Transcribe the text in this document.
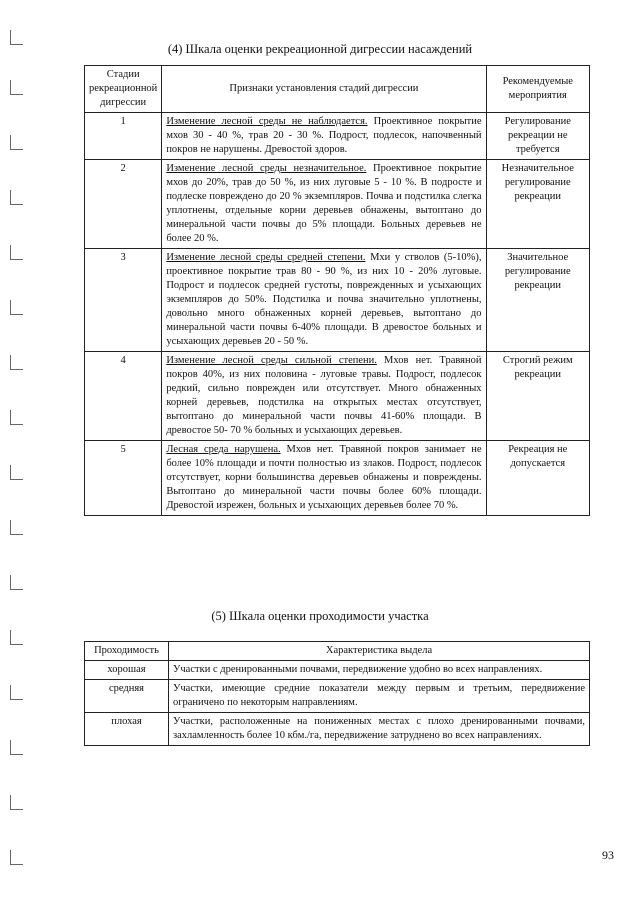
(4) Шкала оценки рекреационной дигрессии насаждений
Стадии рекреационной дигрессии	Признаки установления стадий дигрессии	Рекомендуемые мероприятия
1	Изменение лесной среды не наблюдается. Проективное покрытие мхов 30 - 40 %, трав 20 - 30 %. Подрост, подлесок, напочвенный покров не нарушены. Древостой здоров.	Регулирование рекреации не требуется
2	Изменение лесной среды незначительное. Проективное покрытие мхов до 20%, трав до 50 %, из них луговые 5 - 10 %. В подросте и подлеске повреждено до 20 % экземпляров. Почва и подстилка слегка уплотнены, отдельные корни деревьев обнажены, вытоптано до минеральной части почвы до 5% площади. Больных деревьев не более 20 %.	Незначительное регулирование рекреации
3	Изменение лесной среды средней степени. Мхи у стволов (5-10%), проективное покрытие трав 80 - 90 %, из них 10 - 20% луговые. Подрост и подлесок средней густоты, поврежденных и усыхающих экземпляров до 50%. Подстилка и почва значительно уплотнены, довольно много обнаженных корней деревьев, вытоптано до минеральной части почвы 6-40% площади. В древостое больных и усыхающих деревьев 20 - 50 %.	Значительное регулирование рекреации
4	Изменение лесной среды сильной степени. Мхов нет. Травяной покров 40%, из них половина - луговые травы. Подрост, подлесок редкий, сильно поврежден или отсутствует. Много обнаженных корней деревьев, подстилка на открытых местах отсутствует, вытоптано до минеральной части почвы 41-60% площади. В древостое 50- 70 % больных и усыхающих деревьев.	Строгий режим рекреации
5	Лесная среда нарушена. Мхов нет. Травяной покров занимает не более 10% площади и почти полностью из злаков. Подрост, подлесок отсутствует, корни большинства деревьев обнажены и повреждены. Вытоптано до минеральной части почвы более 60% площади. Древостой изрежен, больных и усыхающих деревьев более 70 %.	Рекреация не допускается
(5) Шкала оценки проходимости участка
Проходимость	Характеристика выдела
хорошая	Участки с дренированными почвами, передвижение удобно во всех направлениях.
средняя	Участки, имеющие средние показатели между первым и третьим, передвижение ограничено по некоторым направлениям.
плохая	Участки, расположенные на пониженных местах с плохо дренированными почвами, захламленность более 10 кбм./га, передвижение затруднено во всех направлениях.
93
